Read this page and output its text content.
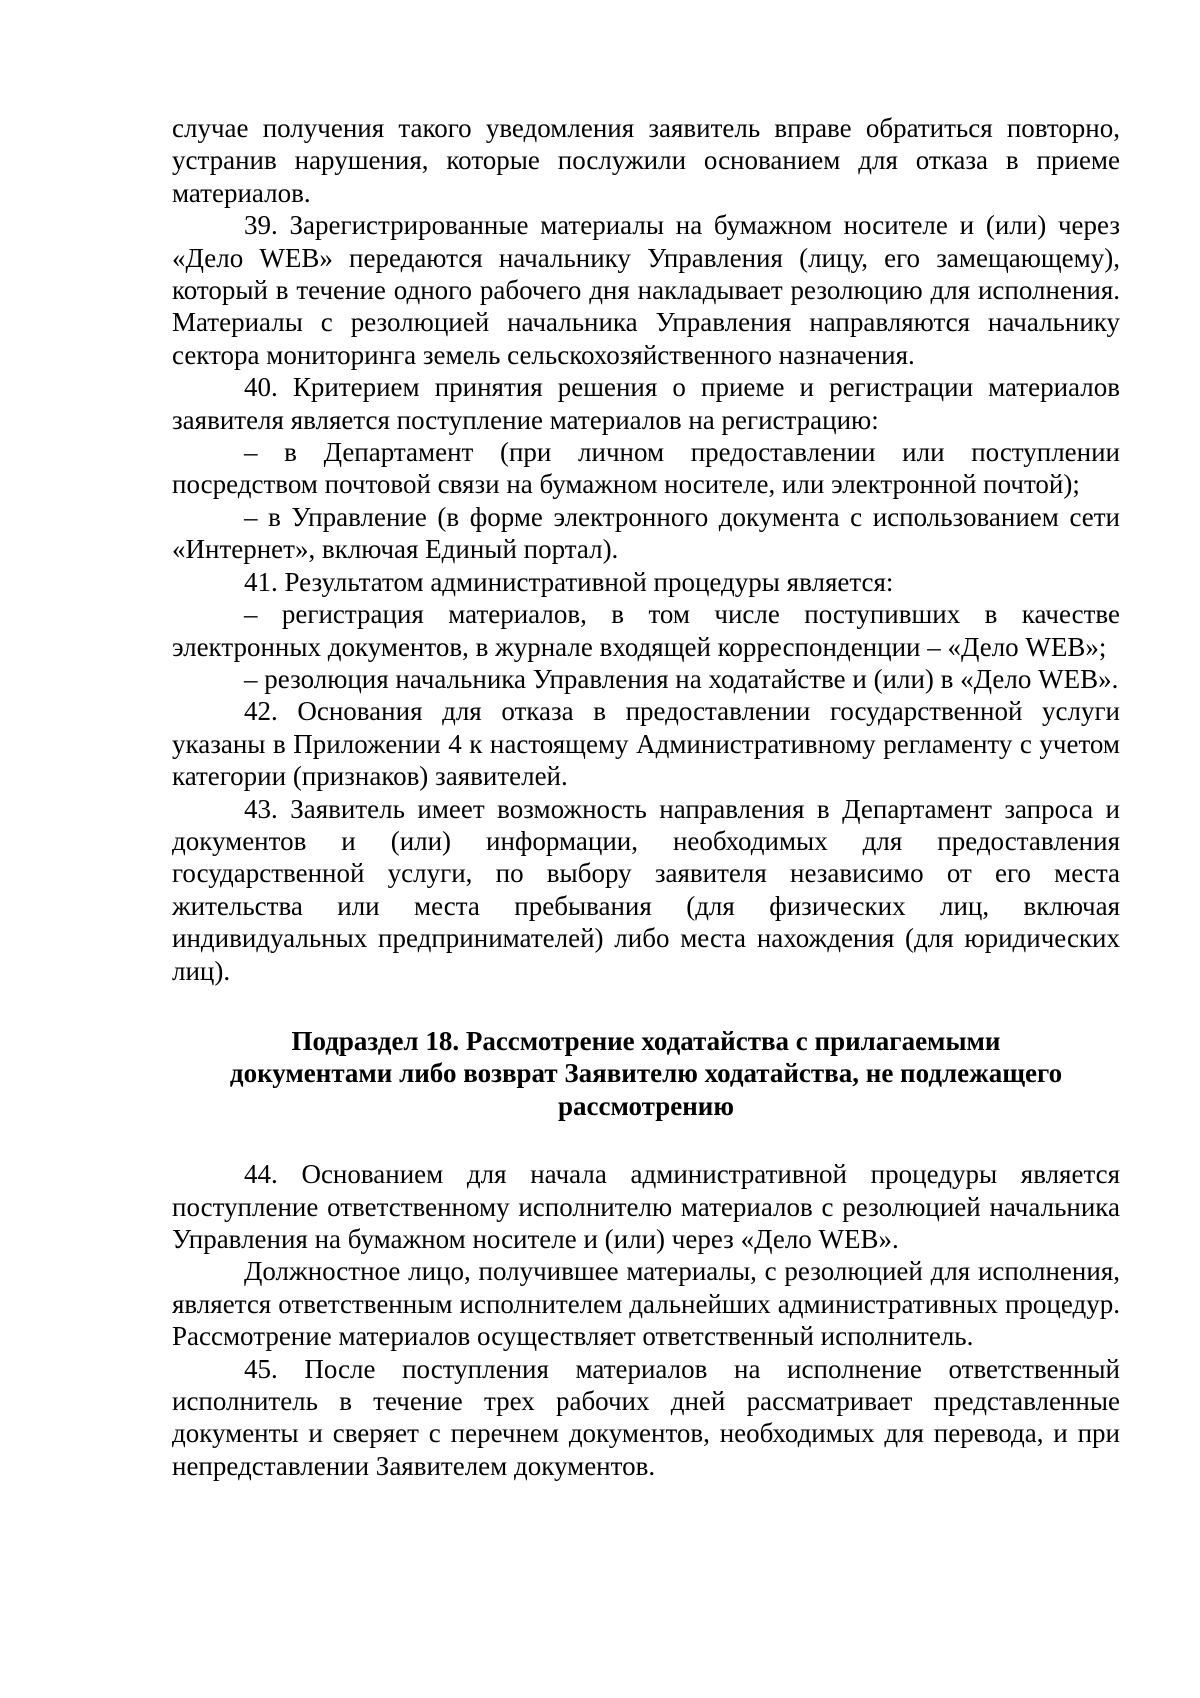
случае получения такого уведомления заявитель вправе обратиться повторно, устранив нарушения, которые послужили основанием для отказа в приеме материалов.

39. Зарегистрированные материалы на бумажном носителе и (или) через «Дело WEB» передаются начальнику Управления (лицу, его замещающему), который в течение одного рабочего дня накладывает резолюцию для исполнения. Материалы с резолюцией начальника Управления направляются начальнику сектора мониторинга земель сельскохозяйственного назначения.

40. Критерием принятия решения о приеме и регистрации материалов заявителя является поступление материалов на регистрацию:

– в Департамент (при личном предоставлении или поступлении посредством почтовой связи на бумажном носителе, или электронной почтой);

– в Управление (в форме электронного документа с использованием сети «Интернет», включая Единый портал).

41. Результатом административной процедуры является:

– регистрация материалов, в том числе поступивших в качестве электронных документов, в журнале входящей корреспонденции – «Дело WEB»;

– резолюция начальника Управления на ходатайстве и (или) в «Дело WEB».

42. Основания для отказа в предоставлении государственной услуги указаны в Приложении 4 к настоящему Административному регламенту с учетом категории (признаков) заявителей.

43. Заявитель имеет возможность направления в Департамент запроса и документов и (или) информации, необходимых для предоставления государственной услуги, по выбору заявителя независимо от его места жительства или места пребывания (для физических лиц, включая индивидуальных предпринимателей) либо места нахождения (для юридических лиц).

Подраздел 18. Рассмотрение ходатайства с прилагаемыми
документами либо возврат Заявителю ходатайства, не подлежащего
рассмотрению

44. Основанием для начала административной процедуры является поступление ответственному исполнителю материалов с резолюцией начальника Управления на бумажном носителе и (или) через «Дело WEB».

Должностное лицо, получившее материалы, с резолюцией для исполнения, является ответственным исполнителем дальнейших административных процедур. Рассмотрение материалов осуществляет ответственный исполнитель.

45. После поступления материалов на исполнение ответственный исполнитель в течение трех рабочих дней рассматривает представленные документы и сверяет с перечнем документов, необходимых для перевода, и при непредставлении Заявителем документов.
